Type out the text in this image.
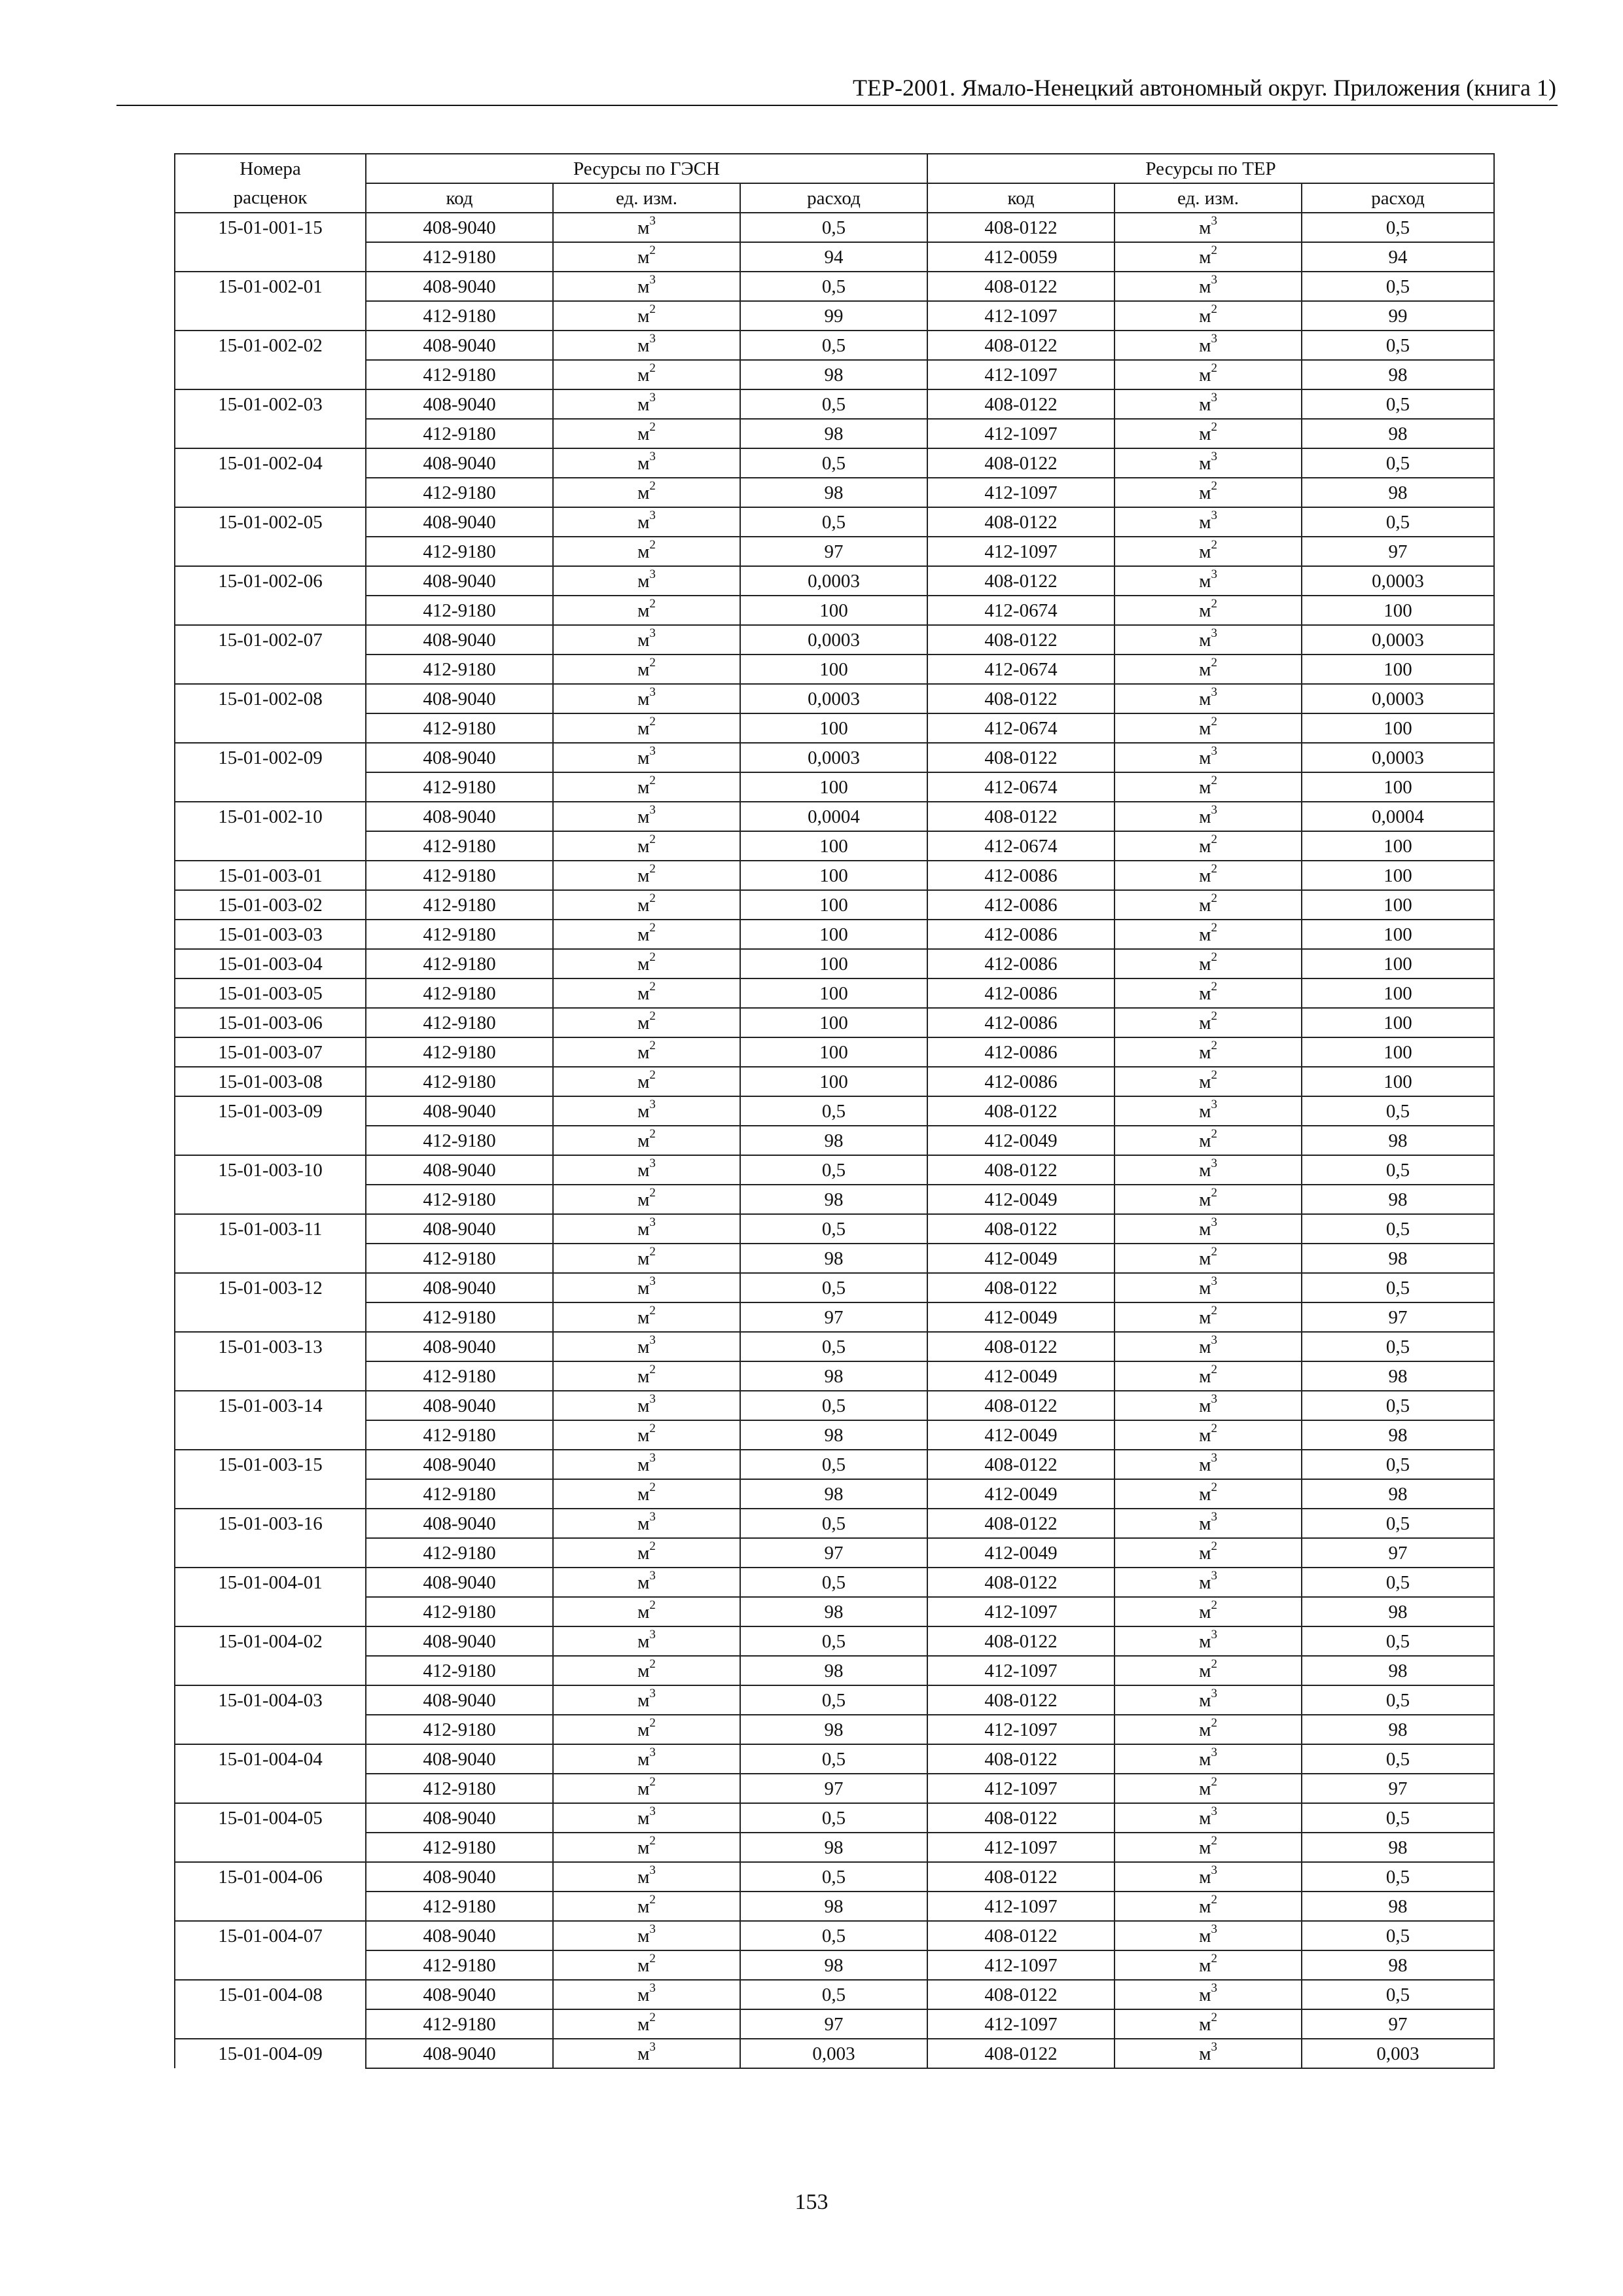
ТЕР-2001. Ямало-Ненецкий автономный округ. Приложения (книга 1)
Номера	Ресурсы по ГЭСН			Ресурсы по ТЕР		
расценок	код	ед. изм.	расход	код	ед. изм.	расход
15-01-001-15	408-9040	$м^3$	0,5	408-0122	$м^3$	0,5
	412-9180	$м^2$	94	412-0059	$м^2$	94
15-01-002-01	408-9040	$м^3$	0,5	408-0122	$м^3$	0,5
	412-9180	$м^2$	99	412-1097	$м^2$	99
15-01-002-02	408-9040	$м^3$	0,5	408-0122	$м^3$	0,5
	412-9180	$м^2$	98	412-1097	$м^2$	98
15-01-002-03	408-9040	$м^3$	0,5	408-0122	$м^3$	0,5
	412-9180	$м^2$	98	412-1097	$м^2$	98
15-01-002-04	408-9040	$м^3$	0,5	408-0122	$м^3$	0,5
	412-9180	$м^2$	98	412-1097	$м^2$	98
15-01-002-05	408-9040	$м^3$	0,5	408-0122	$м^3$	0,5
	412-9180	$м^2$	97	412-1097	$м^2$	97
15-01-002-06	408-9040	$м^3$	0,0003	408-0122	$м^3$	0,0003
	412-9180	$м^2$	100	412-0674	$м^2$	100
15-01-002-07	408-9040	$м^3$	0,0003	408-0122	$м^3$	0,0003
	412-9180	$м^2$	100	412-0674	$м^2$	100
15-01-002-08	408-9040	$м^3$	0,0003	408-0122	$м^3$	0,0003
	412-9180	$м^2$	100	412-0674	$м^2$	100
15-01-002-09	408-9040	$м^3$	0,0003	408-0122	$м^3$	0,0003
	412-9180	$м^2$	100	412-0674	$м^2$	100
15-01-002-10	408-9040	$м^3$	0,0004	408-0122	$м^3$	0,0004
	412-9180	$м^2$	100	412-0674	$м^2$	100
15-01-003-01	412-9180	$м^2$	100	412-0086	$м^2$	100
15-01-003-02	412-9180	$м^2$	100	412-0086	$м^2$	100
15-01-003-03	412-9180	$м^2$	100	412-0086	$м^2$	100
15-01-003-04	412-9180	$м^2$	100	412-0086	$м^2$	100
15-01-003-05	412-9180	$м^2$	100	412-0086	$м^2$	100
15-01-003-06	412-9180	$м^2$	100	412-0086	$м^2$	100
15-01-003-07	412-9180	$м^2$	100	412-0086	$м^2$	100
15-01-003-08	412-9180	$м^2$	100	412-0086	$м^2$	100
15-01-003-09	408-9040	$м^3$	0,5	408-0122	$м^3$	0,5
	412-9180	$м^2$	98	412-0049	$м^2$	98
15-01-003-10	408-9040	$м^3$	0,5	408-0122	$м^3$	0,5
	412-9180	$м^2$	98	412-0049	$м^2$	98
15-01-003-11	408-9040	$м^3$	0,5	408-0122	$м^3$	0,5
	412-9180	$м^2$	98	412-0049	$м^2$	98
15-01-003-12	408-9040	$м^3$	0,5	408-0122	$м^3$	0,5
	412-9180	$м^2$	97	412-0049	$м^2$	97
15-01-003-13	408-9040	$м^3$	0,5	408-0122	$м^3$	0,5
	412-9180	$м^2$	98	412-0049	$м^2$	98
15-01-003-14	408-9040	$м^3$	0,5	408-0122	$м^3$	0,5
	412-9180	$м^2$	98	412-0049	$м^2$	98
15-01-003-15	408-9040	$м^3$	0,5	408-0122	$м^3$	0,5
	412-9180	$м^2$	98	412-0049	$м^2$	98
15-01-003-16	408-9040	$м^3$	0,5	408-0122	$м^3$	0,5
	412-9180	$м^2$	97	412-0049	$м^2$	97
15-01-004-01	408-9040	$м^3$	0,5	408-0122	$м^3$	0,5
	412-9180	$м^2$	98	412-1097	$м^2$	98
15-01-004-02	408-9040	$м^3$	0,5	408-0122	$м^3$	0,5
	412-9180	$м^2$	98	412-1097	$м^2$	98
15-01-004-03	408-9040	$м^3$	0,5	408-0122	$м^3$	0,5
	412-9180	$м^2$	98	412-1097	$м^2$	98
15-01-004-04	408-9040	$м^3$	0,5	408-0122	$м^3$	0,5
	412-9180	$м^2$	97	412-1097	$м^2$	97
15-01-004-05	408-9040	$м^3$	0,5	408-0122	$м^3$	0,5
	412-9180	$м^2$	98	412-1097	$м^2$	98
15-01-004-06	408-9040	$м^3$	0,5	408-0122	$м^3$	0,5
	412-9180	$м^2$	98	412-1097	$м^2$	98
15-01-004-07	408-9040	$м^3$	0,5	408-0122	$м^3$	0,5
	412-9180	$м^2$	98	412-1097	$м^2$	98
15-01-004-08	408-9040	$м^3$	0,5	408-0122	$м^3$	0,5
	412-9180	$м^2$	97	412-1097	$м^2$	97
15-01-004-09	408-9040	$м^3$	0,003	408-0122	$м^3$	0,003
153
